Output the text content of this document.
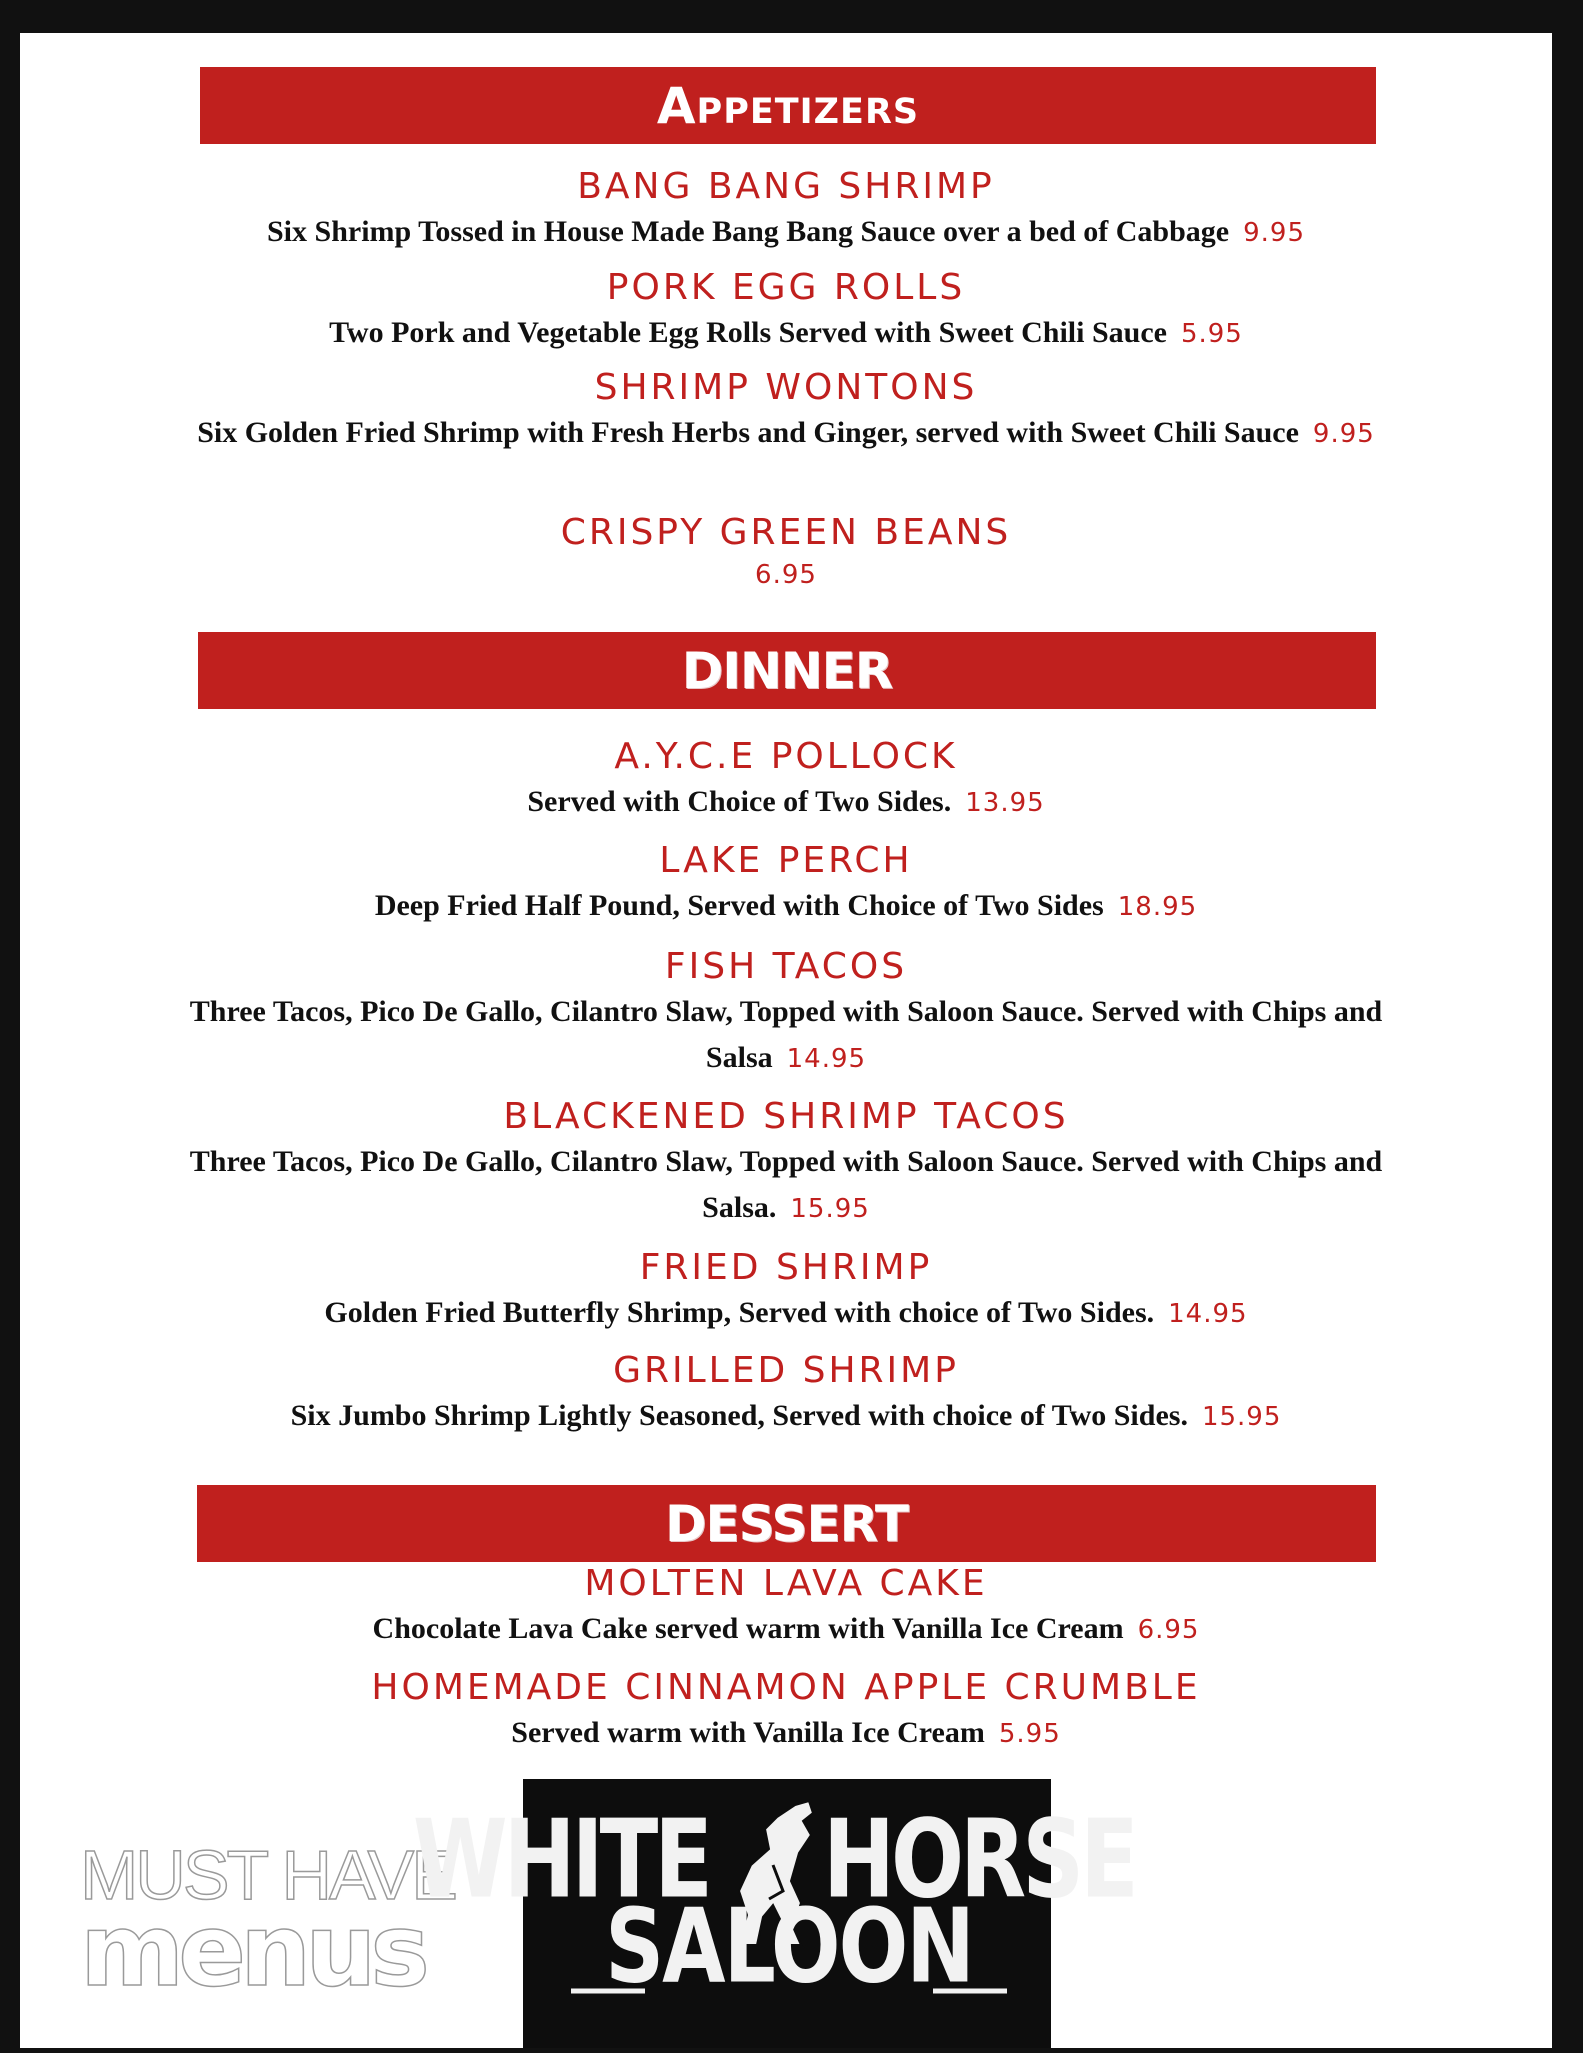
Appetizers
BANG BANG SHRIMP
Six Shrimp Tossed in House Made Bang Bang Sauce over a bed of Cabbage 9.95
PORK EGG ROLLS
Two Pork and Vegetable Egg Rolls Served with Sweet Chili Sauce 5.95
SHRIMP WONTONS
Six Golden Fried Shrimp with Fresh Herbs and Ginger, served with Sweet Chili Sauce 9.95
CRISPY GREEN BEANS
6.95
DINNER
A.Y.C.E POLLOCK
Served with Choice of Two Sides. 13.95
LAKE PERCH
Deep Fried Half Pound, Served with Choice of Two Sides 18.95
FISH TACOS
Three Tacos, Pico De Gallo, Cilantro Slaw, Topped with Saloon Sauce. Served with Chips and Salsa 14.95
BLACKENED SHRIMP TACOS
Three Tacos, Pico De Gallo, Cilantro Slaw, Topped with Saloon Sauce. Served with Chips and Salsa. 15.95
FRIED SHRIMP
Golden Fried Butterfly Shrimp, Served with choice of Two Sides. 14.95
GRILLED SHRIMP
Six Jumbo Shrimp Lightly Seasoned, Served with choice of Two Sides. 15.95
DESSERT
MOLTEN LAVA CAKE
Chocolate Lava Cake served warm with Vanilla Ice Cream 6.95
HOMEMADE CINNAMON APPLE CRUMBLE
Served warm with Vanilla Ice Cream 5.95
MUST HAVE
menus
WHITE HORSE
SALOON
